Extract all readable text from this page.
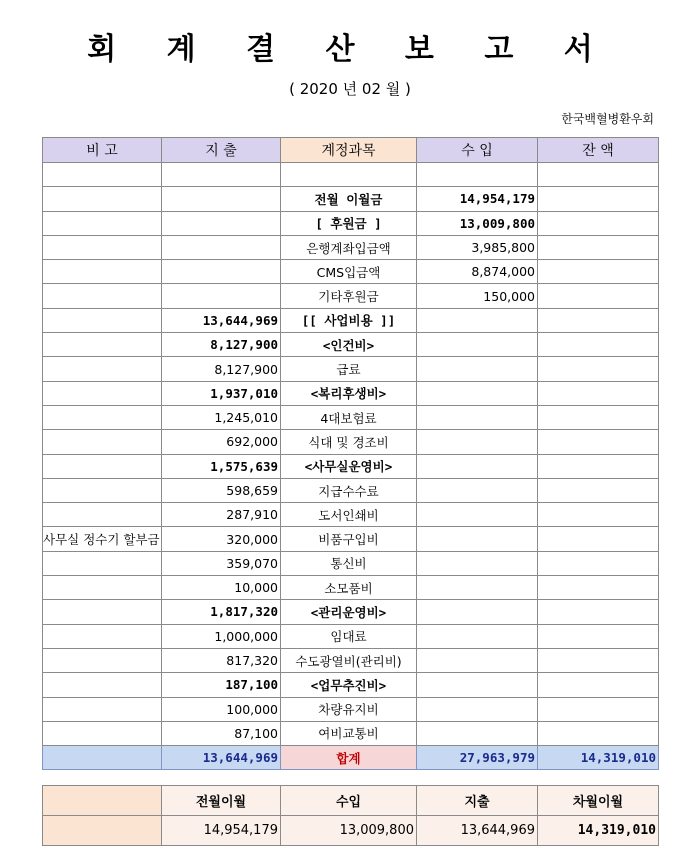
회 계 결 산 보 고 서
( 2020 년 02 월 )
한국백혈병환우회
비 고	지 출	계정과목	수 입	잔 액

		전월 이월금	14,954,179	
		[ 후원금 ]	13,009,800	
		은행계좌입금액	3,985,800	
		CMS입금액	8,874,000	
		기타후원금	150,000	
	13,644,969	[[ 사업비용 ]]		
	8,127,900	<인건비>		
	8,127,900	급료		
	1,937,010	<복리후생비>		
	1,245,010	4대보험료		
	692,000	식대 및 경조비		
	1,575,639	<사무실운영비>		
	598,659	지급수수료		
	287,910	도서인쇄비		
사무실 정수기 할부금	320,000	비품구입비		
	359,070	통신비		
	10,000	소모품비		
	1,817,320	<관리운영비>		
	1,000,000	임대료		
	817,320	수도광열비(관리비)		
	187,100	<업무추진비>		
	100,000	차량유지비		
	87,100	여비교통비		
	13,644,969	합계	27,963,979	14,319,010
	전월이월	수입	지출	차월이월
	14,954,179	13,009,800	13,644,969	14,319,010
